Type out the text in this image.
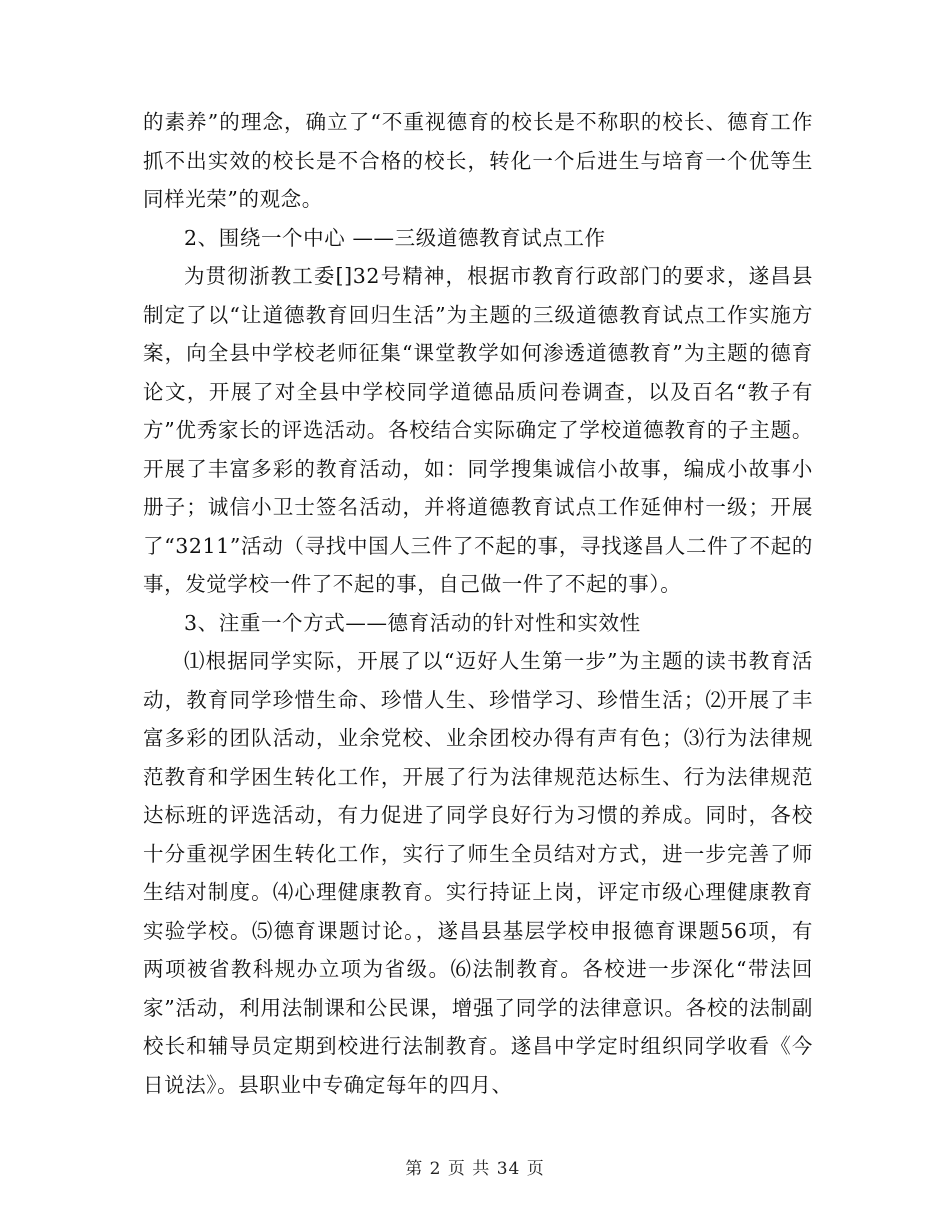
的素养”的理念，确立了“不重视德育的校长是不称职的校长、德育工作抓不出实效的校长是不合格的校长，转化一个后进生与培育一个优等生同样光荣”的观念。

2、围绕一个中心 ——三级道德教育试点工作

为贯彻浙教工委[]32号精神，根据市教育行政部门的要求，遂昌县制定了以“让道德教育回归生活”为主题的三级道德教育试点工作实施方案，向全县中学校老师征集“课堂教学如何渗透道德教育”为主题的德育论文，开展了对全县中学校同学道德品质问卷调查，以及百名“教子有方”优秀家长的评选活动。各校结合实际确定了学校道德教育的子主题。开展了丰富多彩的教育活动，如：同学搜集诚信小故事，编成小故事小册子；诚信小卫士签名活动，并将道德教育试点工作延伸村一级；开展了“3211”活动（寻找中国人三件了不起的事，寻找遂昌人二件了不起的事，发觉学校一件了不起的事，自己做一件了不起的事）。

3、注重一个方式——德育活动的针对性和实效性

⑴根据同学实际，开展了以“迈好人生第一步”为主题的读书教育活动，教育同学珍惜生命、珍惜人生、珍惜学习、珍惜生活；⑵开展了丰富多彩的团队活动，业余党校、业余团校办得有声有色；⑶行为法律规范教育和学困生转化工作，开展了行为法律规范达标生、行为法律规范达标班的评选活动，有力促进了同学良好行为习惯的养成。同时，各校十分重视学困生转化工作，实行了师生全员结对方式，进一步完善了师生结对制度。⑷心理健康教育。实行持证上岗，评定市级心理健康教育实验学校。⑸德育课题讨论。，遂昌县基层学校申报德育课题56项，有两项被省教科规办立项为省级。⑹法制教育。各校进一步深化“带法回家”活动，利用法制课和公民课，增强了同学的法律意识。各校的法制副校长和辅导员定期到校进行法制教育。遂昌中学定时组织同学收看《今日说法》。县职业中专确定每年的四月、

第 2 页 共 34 页
